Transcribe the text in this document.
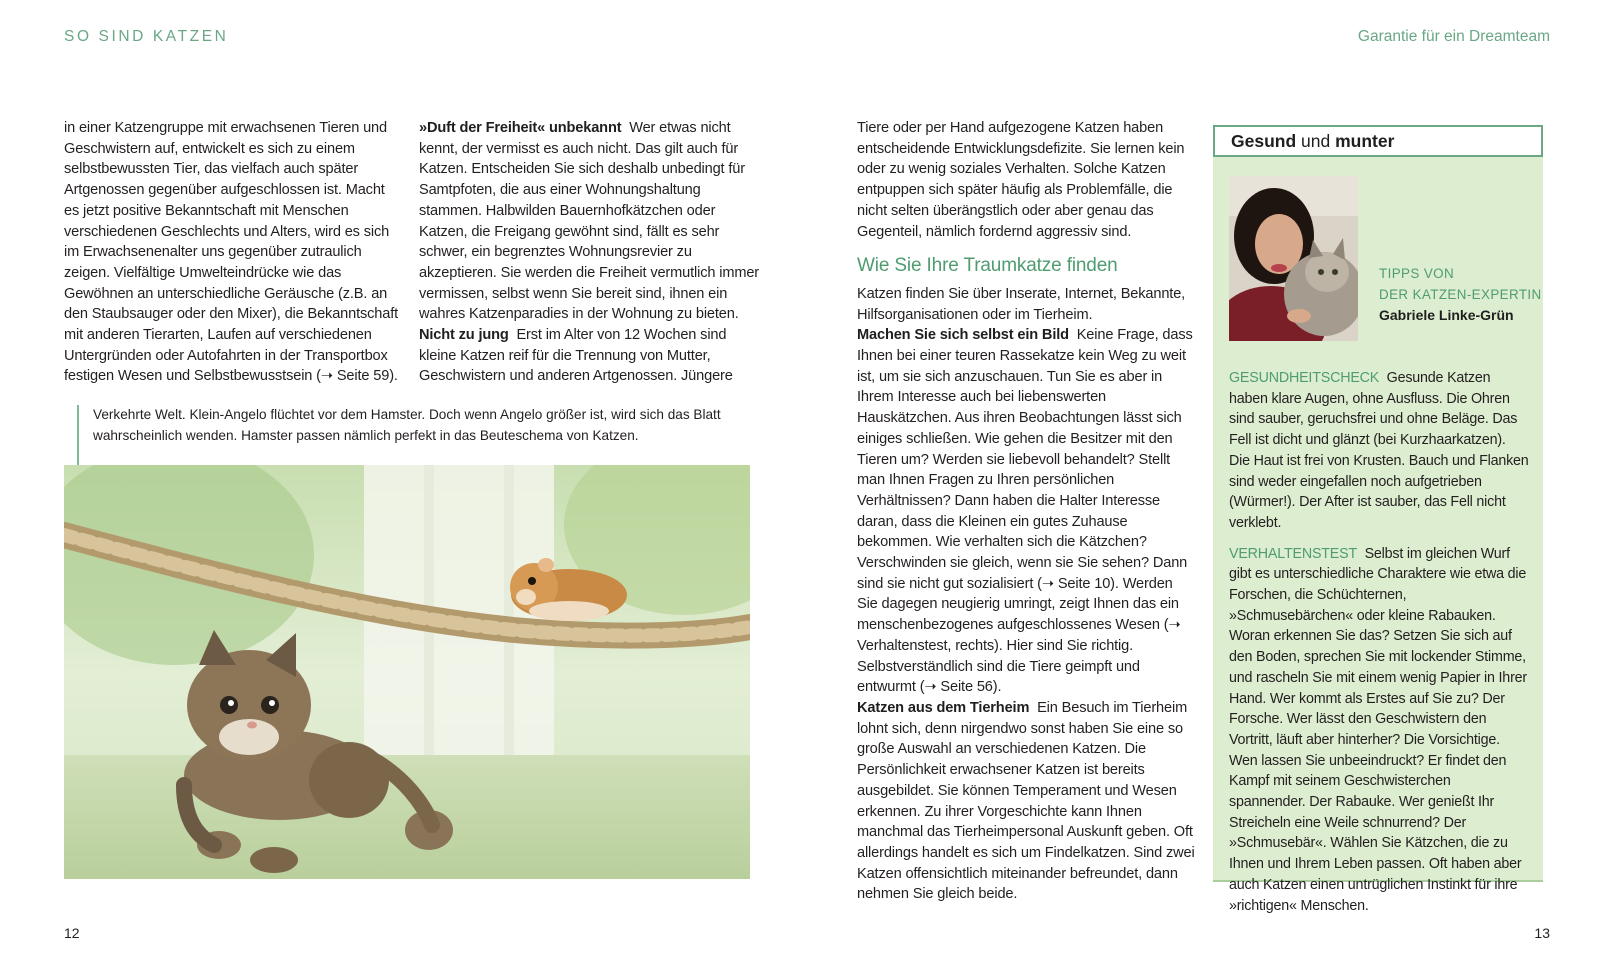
SO SIND KATZEN	Garantie für ein Dreamteam

in einer Katzengruppe mit erwachsenen Tieren und Geschwistern auf, entwickelt es sich zu einem selbstbewussten Tier, das vielfach auch später Artgenossen gegenüber aufgeschlossen ist. Macht es jetzt positive Bekanntschaft mit Menschen verschiedenen Geschlechts und Alters, wird es sich im Erwachsenenalter uns gegenüber zutraulich zeigen. Vielfältige Umwelteindrücke wie das Gewöhnen an unterschiedliche Geräusche (z.B. an den Staubsauger oder den Mixer), die Bekanntschaft mit anderen Tierarten, Laufen auf verschiedenen Untergründen oder Autofahrten in der Transportbox festigen Wesen und Selbstbewusstsein (➝ Seite 59).

»Duft der Freiheit« unbekannt Wer etwas nicht kennt, der vermisst es auch nicht. Das gilt auch für Katzen. Entscheiden Sie sich deshalb unbedingt für Samtpfoten, die aus einer Wohnungshaltung stammen. Halbwilden Bauernhofkätzchen oder Katzen, die Freigang gewöhnt sind, fällt es sehr schwer, ein begrenztes Wohnungsrevier zu akzeptieren. Sie werden die Freiheit vermutlich immer vermissen, selbst wenn Sie bereit sind, ihnen ein wahres Katzenparadies in der Wohnung zu bieten.

Nicht zu jung Erst im Alter von 12 Wochen sind kleine Katzen reif für die Trennung von Mutter, Geschwistern und anderen Artgenossen. Jüngere

Verkehrte Welt. Klein-Angelo flüchtet vor dem Hamster. Doch wenn Angelo größer ist, wird sich das Blatt wahrscheinlich wenden. Hamster passen nämlich perfekt in das Beuteschema von Katzen.

Tiere oder per Hand aufgezogene Katzen haben entscheidende Entwicklungsdefizite. Sie lernen kein oder zu wenig soziales Verhalten. Solche Katzen entpuppen sich später häufig als Problemfälle, die nicht selten überängstlich oder aber genau das Gegenteil, nämlich fordernd aggressiv sind.

Wie Sie Ihre Traumkatze finden

Katzen finden Sie über Inserate, Internet, Bekannte, Hilfsorganisationen oder im Tierheim.

Machen Sie sich selbst ein Bild Keine Frage, dass Ihnen bei einer teuren Rassekatze kein Weg zu weit ist, um sie sich anzuschauen. Tun Sie es aber in Ihrem Interesse auch bei liebenswerten Hauskätzchen. Aus ihren Beobachtungen lässt sich einiges schließen. Wie gehen die Besitzer mit den Tieren um? Werden sie liebevoll behandelt? Stellt man Ihnen Fragen zu Ihren persönlichen Verhältnissen? Dann haben die Halter Interesse daran, dass die Kleinen ein gutes Zuhause bekommen. Wie verhalten sich die Kätzchen? Verschwinden sie gleich, wenn sie Sie sehen? Dann sind sie nicht gut sozialisiert (➝ Seite 10). Werden Sie dagegen neugierig umringt, zeigt Ihnen das ein menschenbezogenes aufgeschlossenes Wesen (➝ Verhaltenstest, rechts). Hier sind Sie richtig. Selbstverständlich sind die Tiere geimpft und entwurmt (➝ Seite 56).

Katzen aus dem Tierheim Ein Besuch im Tierheim lohnt sich, denn nirgendwo sonst haben Sie eine so große Auswahl an verschiedenen Katzen. Die Persönlichkeit erwachsener Katzen ist bereits ausgebildet. Sie können Temperament und Wesen erkennen. Zu ihrer Vorgeschichte kann Ihnen manchmal das Tierheimpersonal Auskunft geben. Oft allerdings handelt es sich um Findelkatzen. Sind zwei Katzen offensichtlich miteinander befreundet, dann nehmen Sie gleich beide.

Gesund und munter

TIPPS VON
DER KATZEN-EXPERTIN
Gabriele Linke-Grün

GESUNDHEITSCHECK Gesunde Katzen haben klare Augen, ohne Ausfluss. Die Ohren sind sauber, geruchsfrei und ohne Beläge. Das Fell ist dicht und glänzt (bei Kurzhaarkatzen). Die Haut ist frei von Krusten. Bauch und Flanken sind weder eingefallen noch aufgetrieben (Würmer!). Der After ist sauber, das Fell nicht verklebt.

VERHALTENSTEST Selbst im gleichen Wurf gibt es unterschiedliche Charaktere wie etwa die Forschen, die Schüchternen, »Schmusebärchen« oder kleine Rabauken. Woran erkennen Sie das? Setzen Sie sich auf den Boden, sprechen Sie mit lockender Stimme, und rascheln Sie mit einem wenig Papier in Ihrer Hand. Wer kommt als Erstes auf Sie zu? Der Forsche. Wer lässt den Geschwistern den Vortritt, läuft aber hinterher? Die Vorsichtige. Wen lassen Sie unbeeindruckt? Er findet den Kampf mit seinem Geschwisterchen spannender. Der Rabauke. Wer genießt Ihr Streicheln eine Weile schnurrend? Der »Schmusebär«. Wählen Sie Kätzchen, die zu Ihnen und Ihrem Leben passen. Oft haben aber auch Katzen einen untrüglichen Instinkt für ihre »richtigen« Menschen.

12	13
